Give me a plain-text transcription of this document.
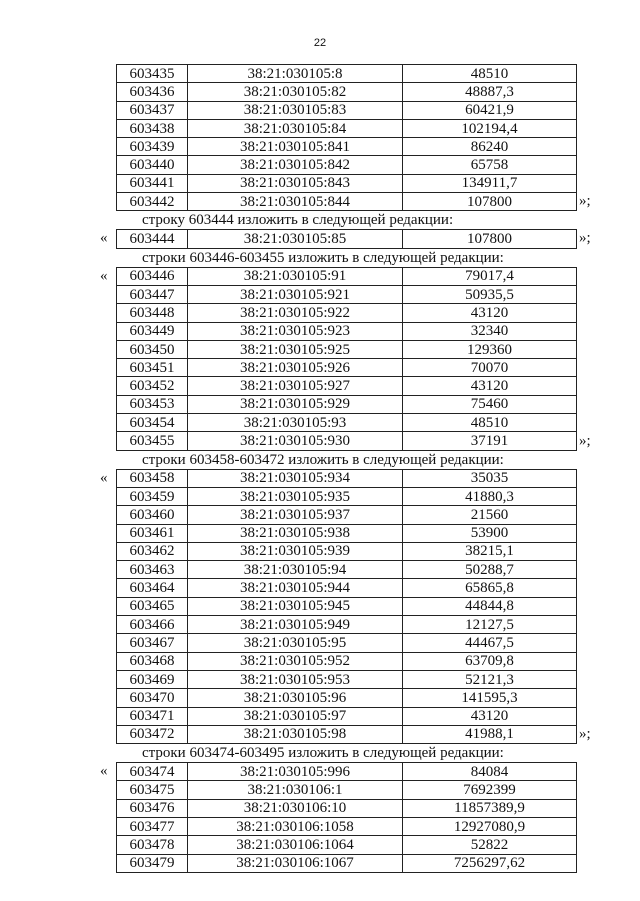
22
603435	38:21:030105:8	48510
603436	38:21:030105:82	48887,3
603437	38:21:030105:83	60421,9
603438	38:21:030105:84	102194,4
603439	38:21:030105:841	86240
603440	38:21:030105:842	65758
603441	38:21:030105:843	134911,7
603442	38:21:030105:844	107800	»;
строку 603444 изложить в следующей редакции:
603444	38:21:030105:85	107800
«	»;
строки 603446-603455 изложить в следующей редакции:
603446	38:21:030105:91	79017,4
603447	38:21:030105:921	50935,5
603448	38:21:030105:922	43120
603449	38:21:030105:923	32340
603450	38:21:030105:925	129360
603451	38:21:030105:926	70070
603452	38:21:030105:927	43120
603453	38:21:030105:929	75460
603454	38:21:030105:93	48510
603455	38:21:030105:930	37191
«
»;
строки 603458-603472 изложить в следующей редакции:
603458	38:21:030105:934	35035
603459	38:21:030105:935	41880,3
603460	38:21:030105:937	21560
603461	38:21:030105:938	53900
603462	38:21:030105:939	38215,1
603463	38:21:030105:94	50288,7
603464	38:21:030105:944	65865,8
603465	38:21:030105:945	44844,8
603466	38:21:030105:949	12127,5
603467	38:21:030105:95	44467,5
603468	38:21:030105:952	63709,8
603469	38:21:030105:953	52121,3
603470	38:21:030105:96	141595,3
603471	38:21:030105:97	43120
603472	38:21:030105:98	41988,1
«
»;
строки 603474-603495 изложить в следующей редакции:
603474	38:21:030105:996	84084
603475	38:21:030106:1	7692399
603476	38:21:030106:10	11857389,9
603477	38:21:030106:1058	12927080,9
603478	38:21:030106:1064	52822
603479	38:21:030106:1067	7256297,62
«
